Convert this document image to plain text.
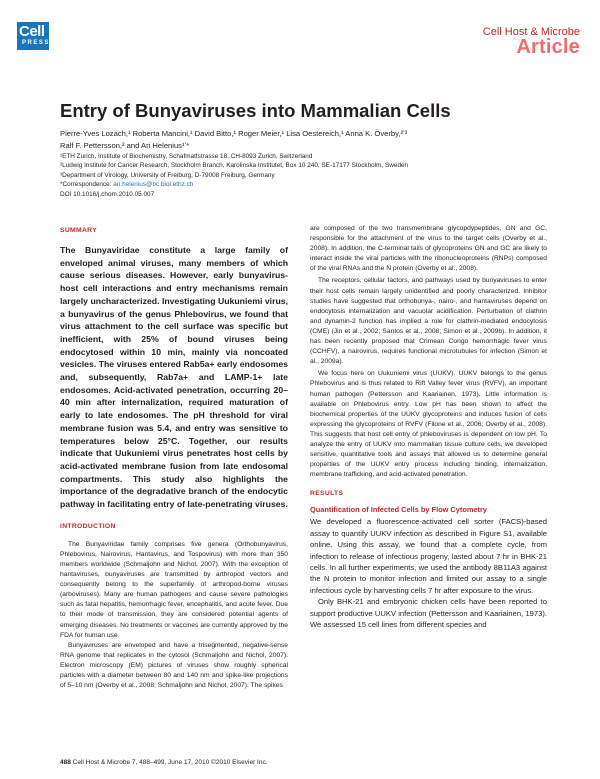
Cell
PRESS
Cell Host & Microbe
Article
Entry of Bunyaviruses into Mammalian Cells
Pierre-Yves Lozach,¹ Roberta Mancini,¹ David Bitto,¹ Roger Meier,¹ Lisa Oestereich,¹ Anna K. Överby,²ʼ³
Ralf F. Pettersson,² and Ari Helenius¹ʼ*
¹ETH Zurich, Institute of Biochemistry, Schafmattstrasse 18, CH-8093 Zurich, Switzerland
²Ludwig Institute for Cancer Research, Stockholm Branch, Karolinska Institutet, Box 10 240, SE-17177 Stockholm, Sweden
³Department of Virology, University of Freiburg, D-79008 Freiburg, Germany
*Correspondence: ari.helenius@bc.biol.ethz.ch
DOI 10.1016/j.chom.2010.05.007
SUMMARY

The Bunyaviridae constitute a large family of enveloped animal viruses, many members of which cause serious diseases. However, early bunyavirus-host cell interactions and entry mechanisms remain largely uncharacterized. Investigating Uukuniemi virus, a bunyavirus of the genus Phlebovirus, we found that virus attachment to the cell surface was specific but inefficient, with 25% of bound viruses being endocytosed within 10 min, mainly via noncoated vesicles. The viruses entered Rab5a+ early endosomes and, subsequently, Rab7a+ and LAMP-1+ late endosomes. Acid-activated penetration, occurring 20–40 min after internalization, required maturation of early to late endosomes. The pH threshold for viral membrane fusion was 5.4, and entry was sensitive to temperatures below 25°C. Together, our results indicate that Uukuniemi virus penetrates host cells by acid-activated membrane fusion from late endosomal compartments. This study also highlights the importance of the degradative branch of the endocytic pathway in facilitating entry of late-penetrating viruses.

INTRODUCTION

The Bunyaviridae family comprises five genera (Orthobunyavirus, Phlebovirus, Nairovirus, Hantavirus, and Tospovirus) with more than 350 members worldwide (Schmaljohn and Nichol, 2007). With the exception of hantaviruses, bunyaviruses are transmitted by arthropod vectors and consequently belong to the superfamily of arthropod-borne viruses (arboviruses). Many are human pathogens and cause severe pathologies such as fatal hepatitis, hemorrhagic fever, encephalitis, and acute fever. Due to their mode of transmission, they are considered potential agents of emerging diseases. No treatments or vaccines are currently approved by the FDA for human use.

Bunyaviruses are enveloped and have a trisegmented, negative-sense RNA genome that replicates in the cytosol (Schmaljohn and Nichol, 2007). Electron microscopy (EM) pictures of viruses show roughly spherical particles with a diameter between 80 and 140 nm and spike-like projections of 5–10 nm (Overby et al., 2008; Schmaljohn and Nichol, 2007). The spikes

are composed of the two transmembrane glycopdypeptides, GN and GC, responsible for the attachment of the virus to the target cells (Overby et al., 2008). In addition, the C-terminal tails of glycoproteins GN and GC are likely to interact inside the viral particles with the ribonucleoproteins (RNPs) composed of the viral RNAs and the N protein (Overby et al., 2008).

The receptors, cellular factors, and pathways used by bunyaviruses to enter their host cells remain largely unidentified and poorly characterized. Inhibitor studies have suggested that orthobunya-, nairo-, and hantaviruses depend on endocytosis internalization and vacuolar acidification. Perturbation of clathrin and dynamin-2 function has implied a role for clathrin-mediated endocytosis (CME) (Jin et al., 2002; Santos et al., 2008; Simon et al., 2009b). In addition, it has been recently proposed that Crimean Congo hemorrhagic fever virus (CCHFV), a nairovirus, requires functional microtubules for infection (Simon et al., 2009a).

We focus here on Uukuniemi virus (UUKV). UUKV belongs to the genus Phlebovirus and is thus related to Rift Valley fever virus (RVFV), an important human pathogen (Pettersson and Kaariainen, 1973). Little information is available on Phlebovirus entry. Low pH has been shown to affect the biochemical properties of the UUKV glycoproteins and induces fusion of cells expressing the glycoproteins of RVFV (Filone et al., 2006; Overby et al., 2008). This suggests that host cell entry of phleboviruses is dependent on low pH. To analyze the entry of UUKV into mammalian tissue culture cells, we developed sensitive, quantitative tools and assays that allowed us to determine general properties of the UUKV entry process including binding, internalization, membrane trafficking, and acid-activated penetration.

RESULTS
Quantification of Infected Cells by Flow Cytometry

We developed a fluorescence-activated cell sorter (FACS)-based assay to quantify UUKV infection as described in Figure S1, available online. Using this assay, we found that a complete cycle, from infection to release of infectious progeny, lasted about 7 hr in BHK-21 cells. In all further experiments, we used the antibody 8B11A3 against the N protein to monitor infection and limited our assay to a single infectious cycle by harvesting cells 7 hr after exposure to the virus.

Only BHK-21 and embryonic chicken cells have been reported to support productive UUKV infection (Pettersson and Kaariainen, 1973). We assessed 15 cell lines from different species and

488 Cell Host & Microbe 7, 488–499, June 17, 2010 ©2010 Elsevier Inc.
